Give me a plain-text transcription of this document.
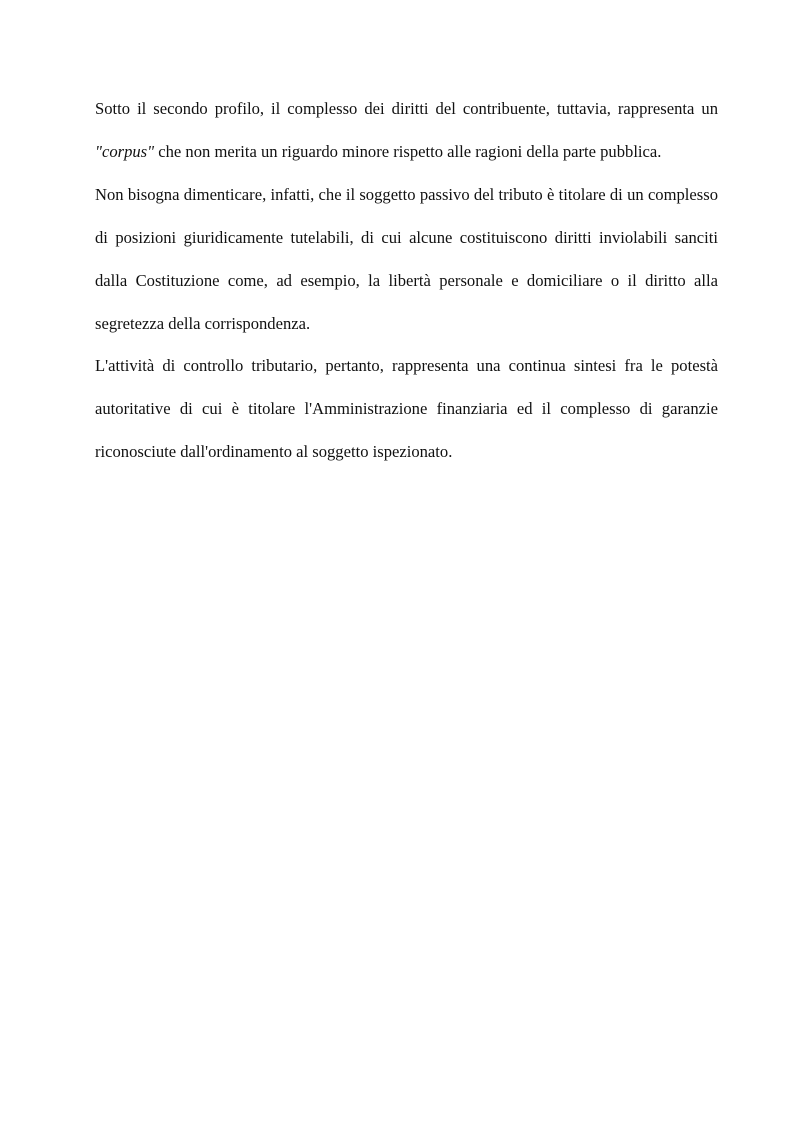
Sotto il secondo profilo, il complesso dei diritti del contribuente, tuttavia, rappresenta un "corpus" che non merita un riguardo minore rispetto alle ragioni della parte pubblica.

Non bisogna dimenticare, infatti, che il soggetto passivo del tributo è titolare di un complesso di posizioni giuridicamente tutelabili, di cui alcune costituiscono diritti inviolabili sanciti dalla Costituzione come, ad esempio, la libertà personale e domiciliare o il diritto alla segretezza della corrispondenza.

L'attività di controllo tributario, pertanto, rappresenta una continua sintesi fra le potestà autoritative di cui è titolare l'Amministrazione finanziaria ed il complesso di garanzie riconosciute dall'ordinamento al soggetto ispezionato.
